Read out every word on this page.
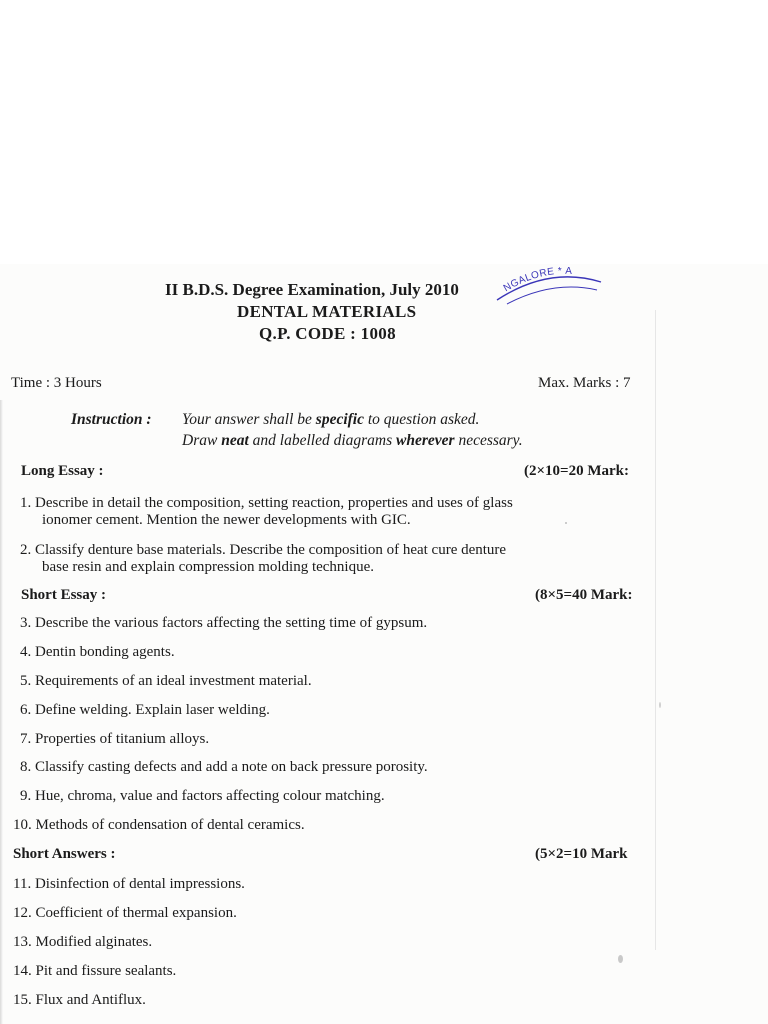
II B.D.S. Degree Examination, July 2010
DENTAL MATERIALS
Q.P. CODE : 1008
NGALORE * A
Time : 3 Hours	Max. Marks : 7
Instruction : Your answer shall be specific to question asked.
Draw neat and labelled diagrams wherever necessary.
Long Essay :	(2×10=20 Mark:
1. Describe in detail the composition, setting reaction, properties and uses of glass
ionomer cement. Mention the newer developments with GIC.
2. Classify denture base materials. Describe the composition of heat cure denture
base resin and explain compression molding technique.
Short Essay :	(8×5=40 Mark:
3. Describe the various factors affecting the setting time of gypsum.
4. Dentin bonding agents.
5. Requirements of an ideal investment material.
6. Define welding. Explain laser welding.
7. Properties of titanium alloys.
8. Classify casting defects and add a note on back pressure porosity.
9. Hue, chroma, value and factors affecting colour matching.
10. Methods of condensation of dental ceramics.
Short Answers :	(5×2=10 Mark
11. Disinfection of dental impressions.
12. Coefficient of thermal expansion.
13. Modified alginates.
14. Pit and fissure sealants.
15. Flux and Antiflux.
